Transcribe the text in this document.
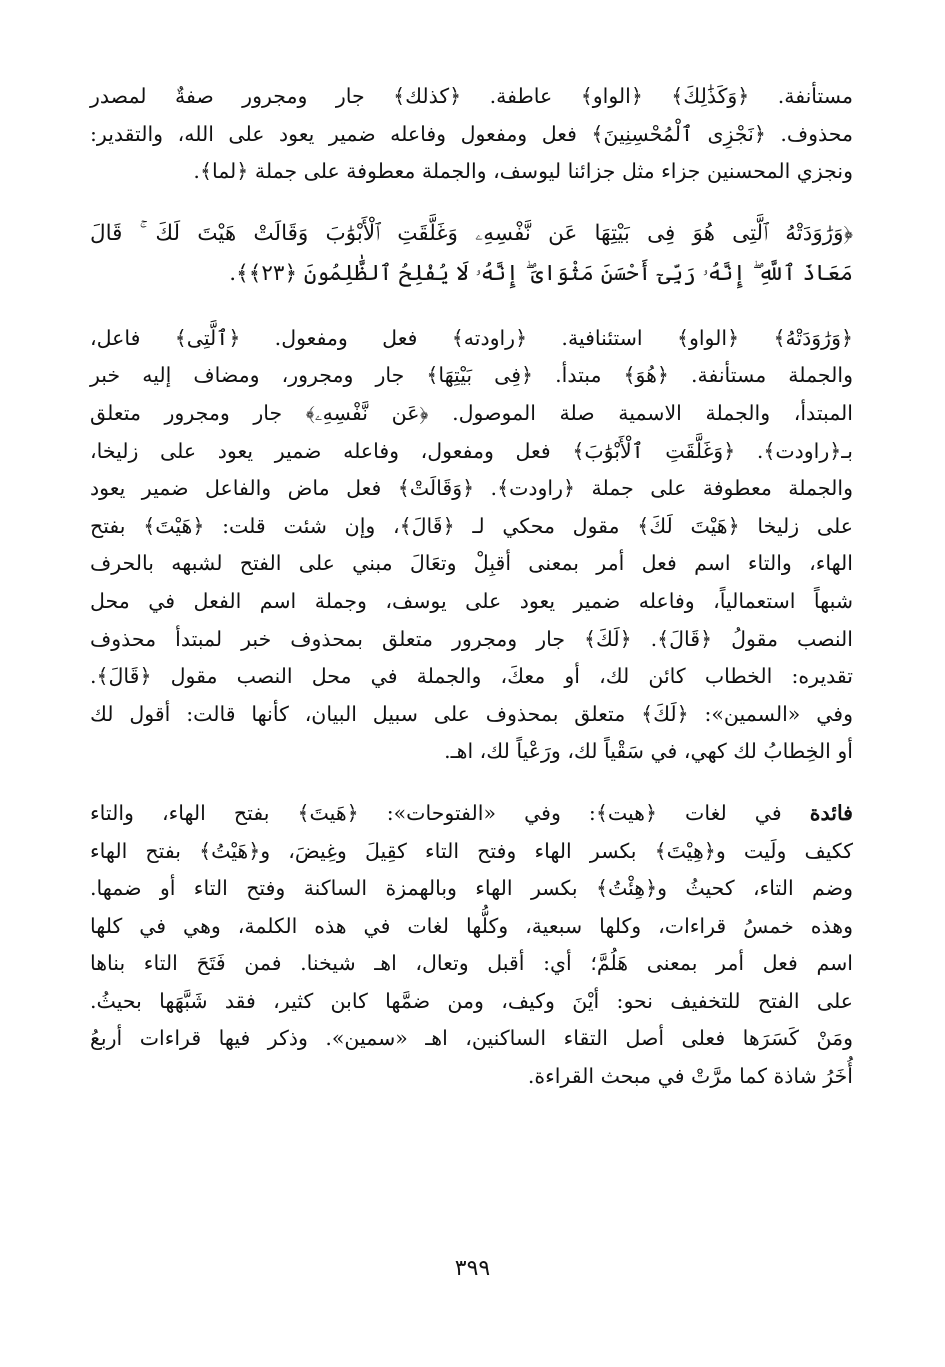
مستأنفة. ﴿وَكَذَٰلِكَ﴾ ﴿الواو﴾ عاطفة. ﴿كذلك﴾ جار ومجرور صفةٌ لمصدر
محذوف. ﴿نَجْزِى ٱلْمُحْسِنِينَ﴾ فعل ومفعول وفاعله ضمير يعود على الله، والتقدير:
ونجزي المحسنين جزاء مثل جزائنا ليوسف، والجملة معطوفة على جملة ﴿لما﴾.
﴿وَرَٰوَدَتْهُ ٱلَّتِى هُوَ فِى بَيْتِهَا عَن نَّفْسِهِۦ وَغَلَّقَتِ ٱلْأَبْوَٰبَ وَقَالَتْ هَيْتَ لَكَ ۚ قَالَ
مَعَاذَ ٱللَّهِ ۖ إِنَّهُۥ رَبِّىٓ أَحْسَنَ مَثْوَاىَ ۖ إِنَّهُۥ لَا يُفْلِحُ ٱلظَّٰلِمُونَ ﴿٢٣﴾﴾.
﴿وَرَٰوَدَتْهُ﴾ ﴿الواو﴾ استئنافية. ﴿راودته﴾ فعل ومفعول. ﴿ٱلَّتِى﴾ فاعل،
والجملة مستأنفة. ﴿هُوَ﴾ مبتدأ. ﴿فِى بَيْتِهَا﴾ جار ومجرور، ومضاف إليه خبر
المبتدأ، والجملة الاسمية صلة الموصول. ﴿عَن نَّفْسِهِۦ﴾ جار ومجرور متعلق
بـ﴿راودت﴾. ﴿وَغَلَّقَتِ ٱلْأَبْوَٰبَ﴾ فعل ومفعول، وفاعله ضمير يعود على زليخا،
والجملة معطوفة على جملة ﴿راودت﴾. ﴿وَقَالَتْ﴾ فعل ماض والفاعل ضمير يعود
على زليخا ﴿هَيْتَ لَكَ﴾ مقول محكي لـ ﴿قَالَ﴾، وإن شئت قلت: ﴿هَيْتَ﴾ بفتح
الهاء، والتاء اسم فعل أمر بمعنى أقبِلْ وتعَالَ مبني على الفتح لشبهه بالحرف
شبهاً استعمالياً، وفاعله ضمير يعود على يوسف، وجملة اسم الفعل في محل
النصب مقولُ ﴿قَالَ﴾. ﴿لَكَ﴾ جار ومجرور متعلق بمحذوف خبر لمبتدأ محذوف
تقديره: الخطاب كائن لك، أو معكَ، والجملة في محل النصب مقول ﴿قَالَ﴾.
وفي «السمين»: ﴿لَكَ﴾ متعلق بمحذوف على سبيل البيان، كأنها قالت: أقول لك
أو الخِطابُ لك كهي، في سَقْياً لك، ورَعْياً لك، اهـ.
فائدة في لغات ﴿هيت﴾: وفي «الفتوحات»: ﴿هَيتَ﴾ بفتح الهاء، والتاء
ككيف ولَيت و﴿هِيْتَ﴾ بكسر الهاء وفتح التاء كقِيلَ وغِيضَ، و﴿هَيْتُ﴾ بفتح الهاء
وضم التاء، كحيثُ و﴿هِئْتُ﴾ بكسر الهاء وبالهمزة الساكنة وفتح التاء أو ضمها.
وهذه خمسُ قراءات، وكلها سبعية، وكلُّها لغات في هذه الكلمة، وهي في كلها
اسم فعل أمر بمعنى هَلُمَّ؛ أي: أقبل وتعال، اهـ شيخنا. فمن فَتَحَ التاء بناها
على الفتح للتخفيف نحو: أيْنَ وكيف، ومن ضمَّها كابن كثير، فقد شَبَّهَها بحيثُ.
ومَنْ كَسَرَها فعلى أصل التقاء الساكنين، اهـ «سمين». وذكر فيها قراءات أربعُ
أُخَرُ شاذة كما مرَّتْ في مبحث القراءة.
٣٩٩
